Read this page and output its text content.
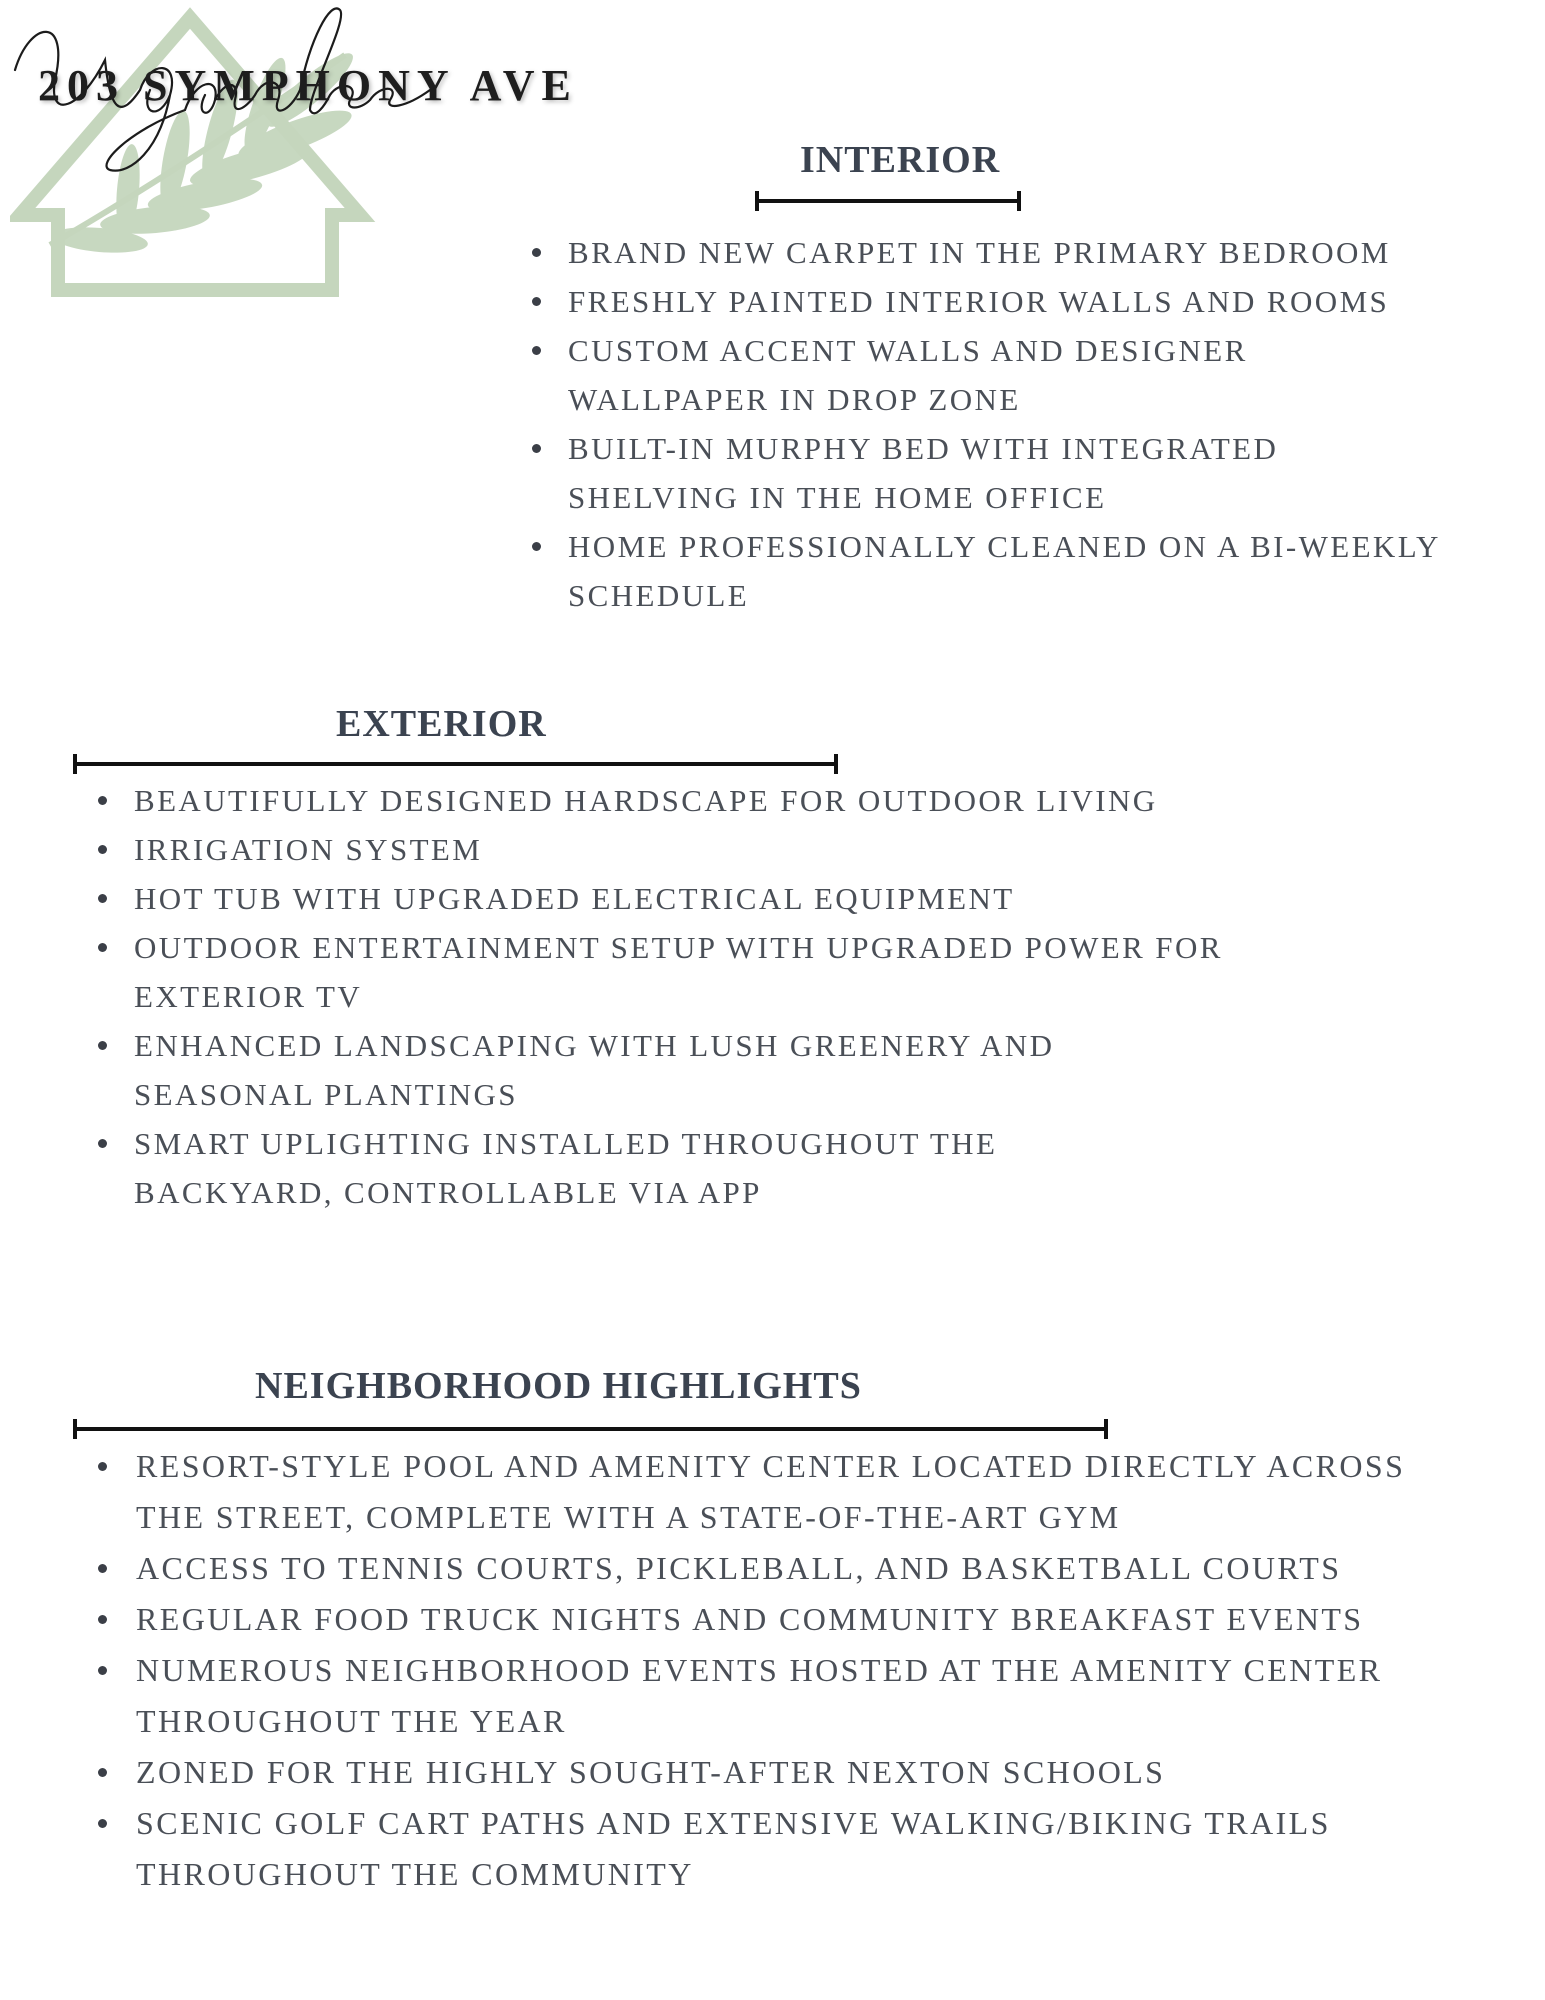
203 SYMPHONY AVE
INTERIOR
BRAND NEW CARPET IN THE PRIMARY BEDROOM
FRESHLY PAINTED INTERIOR WALLS AND ROOMS
CUSTOM ACCENT WALLS AND DESIGNER WALLPAPER IN DROP ZONE
BUILT-IN MURPHY BED WITH INTEGRATED SHELVING IN THE HOME OFFICE
HOME PROFESSIONALLY CLEANED ON A BI-WEEKLY SCHEDULE
EXTERIOR
BEAUTIFULLY DESIGNED HARDSCAPE FOR OUTDOOR LIVING
IRRIGATION SYSTEM
HOT TUB WITH UPGRADED ELECTRICAL EQUIPMENT
OUTDOOR ENTERTAINMENT SETUP WITH UPGRADED POWER FOR EXTERIOR TV
ENHANCED LANDSCAPING WITH LUSH GREENERY AND SEASONAL PLANTINGS
SMART UPLIGHTING INSTALLED THROUGHOUT THE BACKYARD, CONTROLLABLE VIA APP
NEIGHBORHOOD HIGHLIGHTS
RESORT-STYLE POOL AND AMENITY CENTER LOCATED DIRECTLY ACROSS THE STREET, COMPLETE WITH A STATE-OF-THE-ART GYM
ACCESS TO TENNIS COURTS, PICKLEBALL, AND BASKETBALL COURTS
REGULAR FOOD TRUCK NIGHTS AND COMMUNITY BREAKFAST EVENTS
NUMEROUS NEIGHBORHOOD EVENTS HOSTED AT THE AMENITY CENTER THROUGHOUT THE YEAR
ZONED FOR THE HIGHLY SOUGHT-AFTER NEXTON SCHOOLS
SCENIC GOLF CART PATHS AND EXTENSIVE WALKING/BIKING TRAILS THROUGHOUT THE COMMUNITY
